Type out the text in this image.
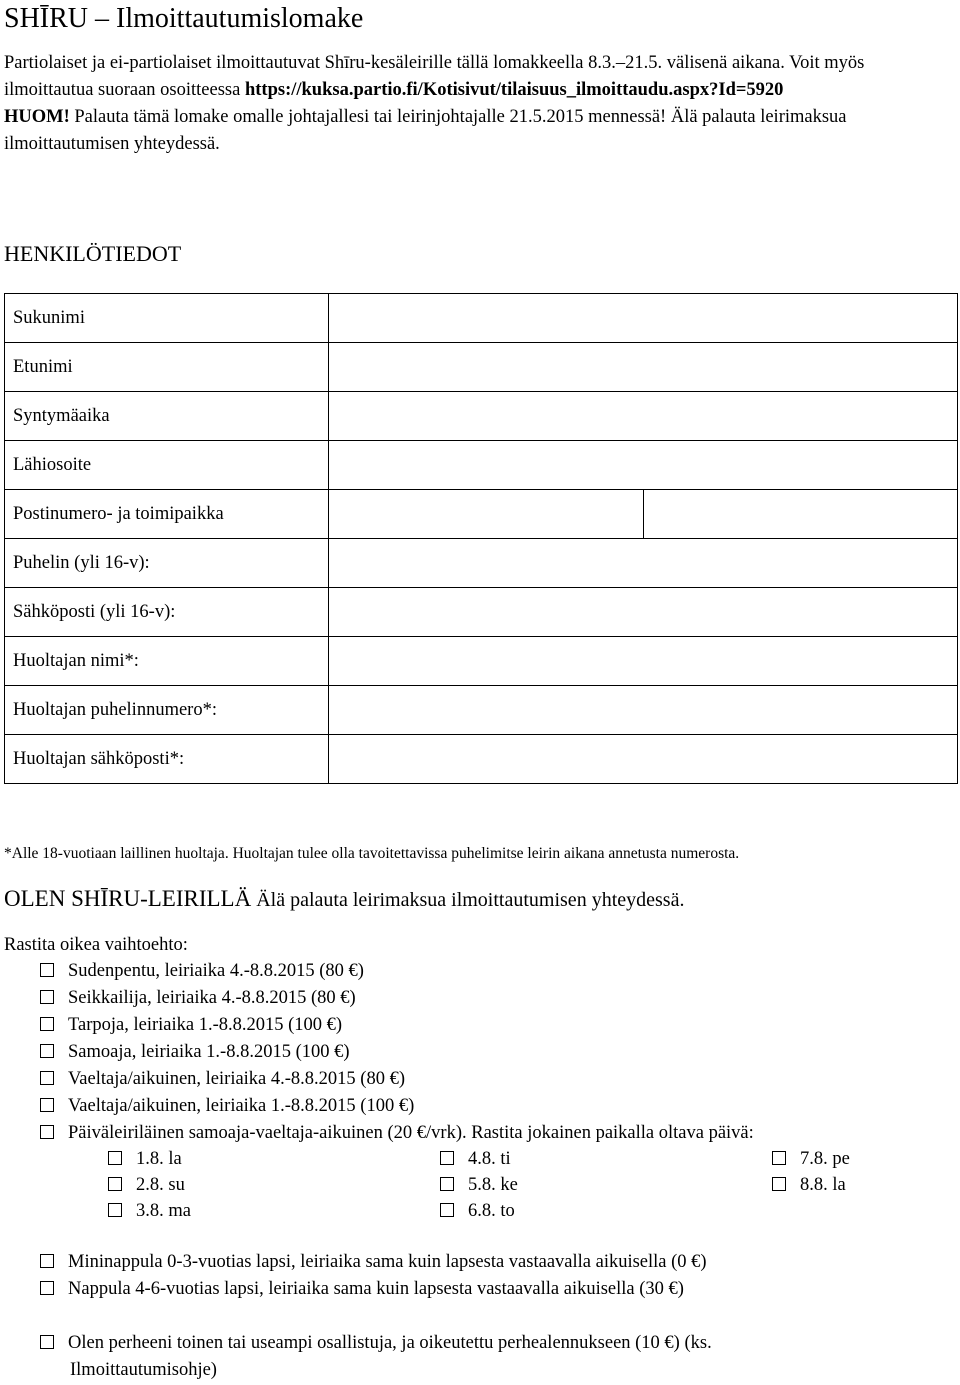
SHĪRU – Ilmoittautumislomake
Partiolaiset ja ei-partiolaiset ilmoittautuvat Shīru-kesäleirille tällä lomakkeella 8.3.–21.5. välisenä aikana. Voit myös ilmoittautua suoraan osoitteessa https://kuksa.partio.fi/Kotisivut/tilaisuus_ilmoittaudu.aspx?Id=5920
HUOM! Palauta tämä lomake omalle johtajallesi tai leirinjohtajalle 21.5.2015 mennessä! Älä palauta leirimaksua ilmoittautumisen yhteydessä.
HENKILÖTIEDOT
Sukunimi		
Etunimi		
Syntymäaika		
Lähiosoite		
Postinumero- ja toimipaikka		
Puhelin (yli 16-v):		
Sähköposti (yli 16-v):		
Huoltajan nimi*:		
Huoltajan puhelinnumero*:		
Huoltajan sähköposti*:		
*Alle 18-vuotiaan laillinen huoltaja. Huoltajan tulee olla tavoitettavissa puhelimitse leirin aikana annetusta numerosta.
OLEN SHĪRU-LEIRILLÄ Älä palauta leirimaksua ilmoittautumisen yhteydessä.
Rastita oikea vaihtoehto:
Sudenpentu, leiriaika 4.-8.8.2015 (80 €)
Seikkailija, leiriaika 4.-8.8.2015 (80 €)
Tarpoja, leiriaika 1.-8.8.2015 (100 €)
Samoaja, leiriaika 1.-8.8.2015 (100 €)
Vaeltaja/aikuinen, leiriaika 4.-8.8.2015 (80 €)
Vaeltaja/aikuinen, leiriaika 1.-8.8.2015 (100 €)
Päiväleiriläinen samoaja-vaeltaja-aikuinen (20 €/vrk). Rastita jokainen paikalla oltava päivä:
1.8. la
2.8. su
3.8. ma
4.8. ti
5.8. ke
6.8. to
7.8. pe
8.8. la
Mininappula 0-3-vuotias lapsi, leiriaika sama kuin lapsesta vastaavalla aikuisella (0 €)
Nappula 4-6-vuotias lapsi, leiriaika sama kuin lapsesta vastaavalla aikuisella (30 €)
Olen perheeni toinen tai useampi osallistuja, ja oikeutettu perhealennukseen (10 €) (ks.
Ilmoittautumisohje)
